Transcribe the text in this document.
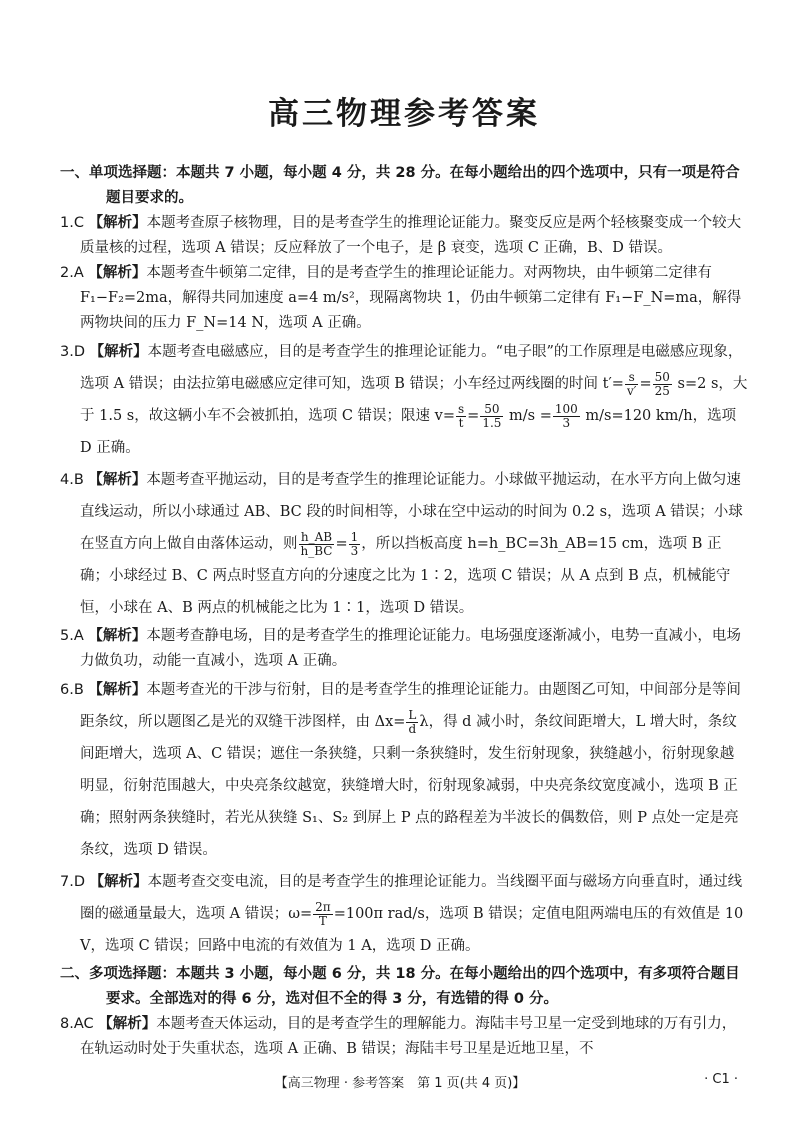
高三物理参考答案

一、单项选择题：本题共 7 小题，每小题 4 分，共 28 分。在每小题给出的四个选项中，只有一项是符合题目要求的。

1.C 【解析】本题考查原子核物理，目的是考查学生的推理论证能力。聚变反应是两个轻核聚变成一个较大质量核的过程，选项 A 错误；反应释放了一个电子，是 β 衰变，选项 C 正确，B、D 错误。

2.A 【解析】本题考查牛顿第二定律，目的是考查学生的推理论证能力。对两物块，由牛顿第二定律有 F₁−F₂=2ma，解得共同加速度 a=4 m/s²，现隔离物块 1，仍由牛顿第二定律有 F₁−F_N=ma，解得两物块间的压力 F_N=14 N，选项 A 正确。

3.D 【解析】本题考查电磁感应，目的是考查学生的推理论证能力。“电子眼”的工作原理是电磁感应现象，选项 A 错误；由法拉第电磁感应定律可知，选项 B 错误；小车经过两线圈的时间 $t'= \frac{s}{v'} = \frac{50}{25} s=2$ s，大于 1.5 s，故这辆小车不会被抓拍，选项 C 错误；限速 $v= \frac{s}{t} = \frac{50}{1.5} m/s = \frac{100}{3} m/s=120$ km/h，选项 D 正确。

4.B 【解析】本题考查平抛运动，目的是考查学生的推理论证能力。小球做平抛运动，在水平方向上做匀速直线运动，所以小球通过 AB、BC 段的时间相等，小球在空中运动的时间为 0.2 s，选项 A 错误；小球在竖直方向上做自由落体运动，则 $\frac{h\_AB}{h\_BC} = \frac{1}{3}$ ，所以挡板高度 h=h_BC=3h_AB=15 cm，选项 B 正确；小球经过 B、C 两点时竖直方向的分速度之比为 1∶2，选项 C 错误；从 A 点到 B 点，机械能守恒，小球在 A、B 两点的机械能之比为 1∶1，选项 D 错误。

5.A 【解析】本题考查静电场，目的是考查学生的推理论证能力。电场强度逐渐减小，电势一直减小，电场力做负功，动能一直减小，选项 A 正确。

6.B 【解析】本题考查光的干涉与衍射，目的是考查学生的推理论证能力。由题图乙可知，中间部分是等间距条纹，所以题图乙是光的双缝干涉图样，由 $\Delta x= \frac{L}{d}$ λ，得 d 减小时，条纹间距增大，L 增大时，条纹间距增大，选项 A、C 错误；遮住一条狭缝，只剩一条狭缝时，发生衍射现象，狭缝越小，衍射现象越明显，衍射范围越大，中央亮条纹越宽，狭缝增大时，衍射现象减弱，中央亮条纹宽度减小，选项 B 正确；照射两条狭缝时，若光从狭缝 S₁、S₂ 到屏上 P 点的路程差为半波长的偶数倍，则 P 点处一定是亮条纹，选项 D 错误。

7.D 【解析】本题考查交变电流，目的是考查学生的推理论证能力。当线圈平面与磁场方向垂直时，通过线圈的磁通量最大，选项 A 错误；$\omega= \frac{2\pi}{T} =100\pi$ rad/s，选项 B 错误；定值电阻两端电压的有效值是 10 V，选项 C 错误；回路中电流的有效值为 1 A，选项 D 正确。

二、多项选择题：本题共 3 小题，每小题 6 分，共 18 分。在每小题给出的四个选项中，有多项符合题目要求。全部选对的得 6 分，选对但不全的得 3 分，有选错的得 0 分。

8.AC 【解析】本题考查天体运动，目的是考查学生的理解能力。海陆丰号卫星一定受到地球的万有引力，在轨运动时处于失重状态，选项 A 正确、B 错误；海陆丰号卫星是近地卫星，不

【高三物理 · 参考答案　第 1 页(共 4 页)】	· C1 ·
